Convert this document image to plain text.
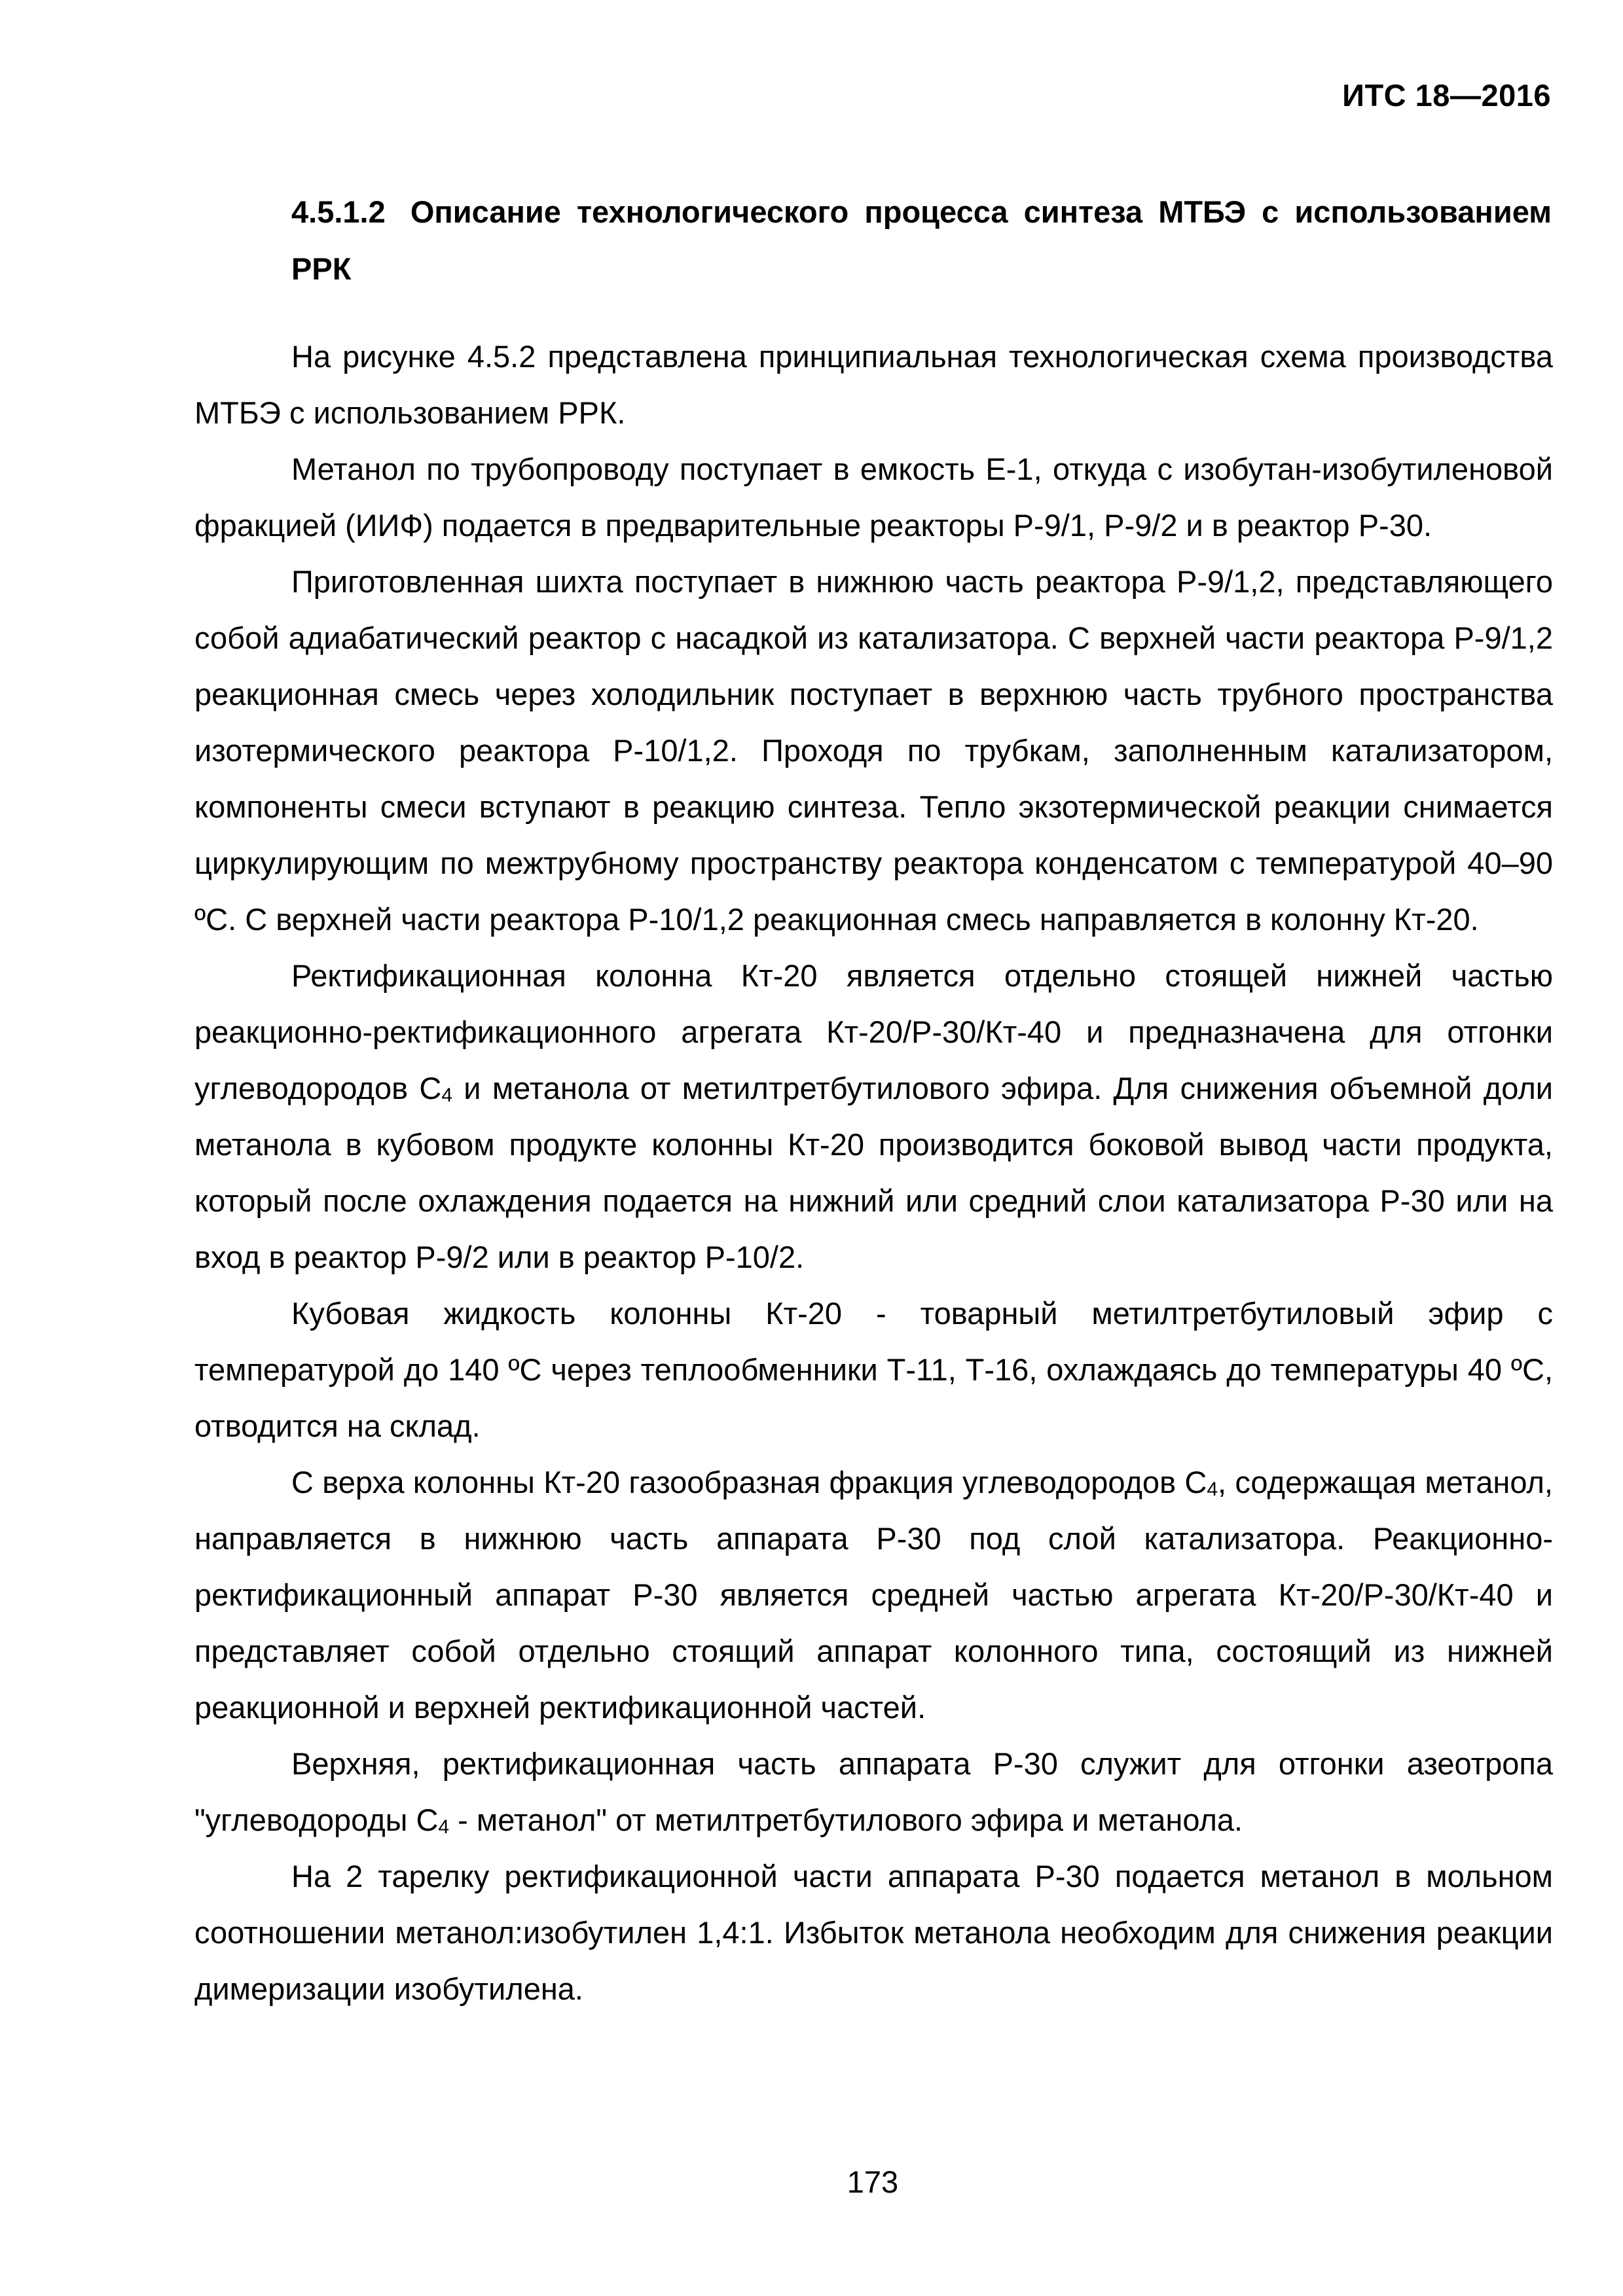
ИТС 18—2016
4.5.1.2 Описание технологического процесса синтеза МТБЭ с использованием РРК

На рисунке 4.5.2 представлена принципиальная технологическая схема производства МТБЭ с использованием РРК.

Метанол по трубопроводу поступает в емкость Е-1, откуда с изобутан-изобутиленовой фракцией (ИИФ) подается в предварительные реакторы Р-9/1, Р-9/2 и в реактор Р-30.

Приготовленная шихта поступает в нижнюю часть реактора Р-9/1,2, представляющего собой адиабатический реактор с насадкой из катализатора. С верхней части реактора Р-9/1,2 реакционная смесь через холодильник поступает в верхнюю часть трубного пространства изотермического реактора Р-10/1,2. Проходя по трубкам, заполненным катализатором, компоненты смеси вступают в реакцию синтеза. Тепло экзотермической реакции снимается циркулирующим по межтрубному пространству реактора конденсатом с температурой 40–90 ºС. С верхней части реактора Р-10/1,2 реакционная смесь направляется в колонну Кт-20.

Ректификационная колонна Кт-20 является отдельно стоящей нижней частью реакционно-ректификационного агрегата Кт-20/Р-30/Кт-40 и предназначена для отгонки углеводородов $С_4$ и метанола от метилтретбутилового эфира. Для снижения объемной доли метанола в кубовом продукте колонны Кт-20 производится боковой вывод части продукта, который после охлаждения подается на нижний или средний слои катализатора Р-30 или на вход в реактор Р-9/2 или в реактор Р-10/2.

Кубовая жидкость колонны Кт-20 - товарный метилтретбутиловый эфир с температурой до 140 ºС через теплообменники Т-11, Т-16, охлаждаясь до температуры 40 ºС, отводится на склад.

С верха колонны Кт-20 газообразная фракция углеводородов $С_4$, содержащая метанол, направляется в нижнюю часть аппарата Р-30 под слой катализатора. Реакционно-ректификационный аппарат Р-30 является средней частью агрегата Кт-20/Р-30/Кт-40 и представляет собой отдельно стоящий аппарат колонного типа, состоящий из нижней реакционной и верхней ректификационной частей.

Верхняя, ректификационная часть аппарата Р-30 служит для отгонки азеотропа "углеводороды $С_4$ - метанол" от метилтретбутилового эфира и метанола.

На 2 тарелку ректификационной части аппарата Р-30 подается метанол в мольном соотношении метанол:изобутилен 1,4:1. Избыток метанола необходим для снижения реакции димеризации изобутилена.

173
